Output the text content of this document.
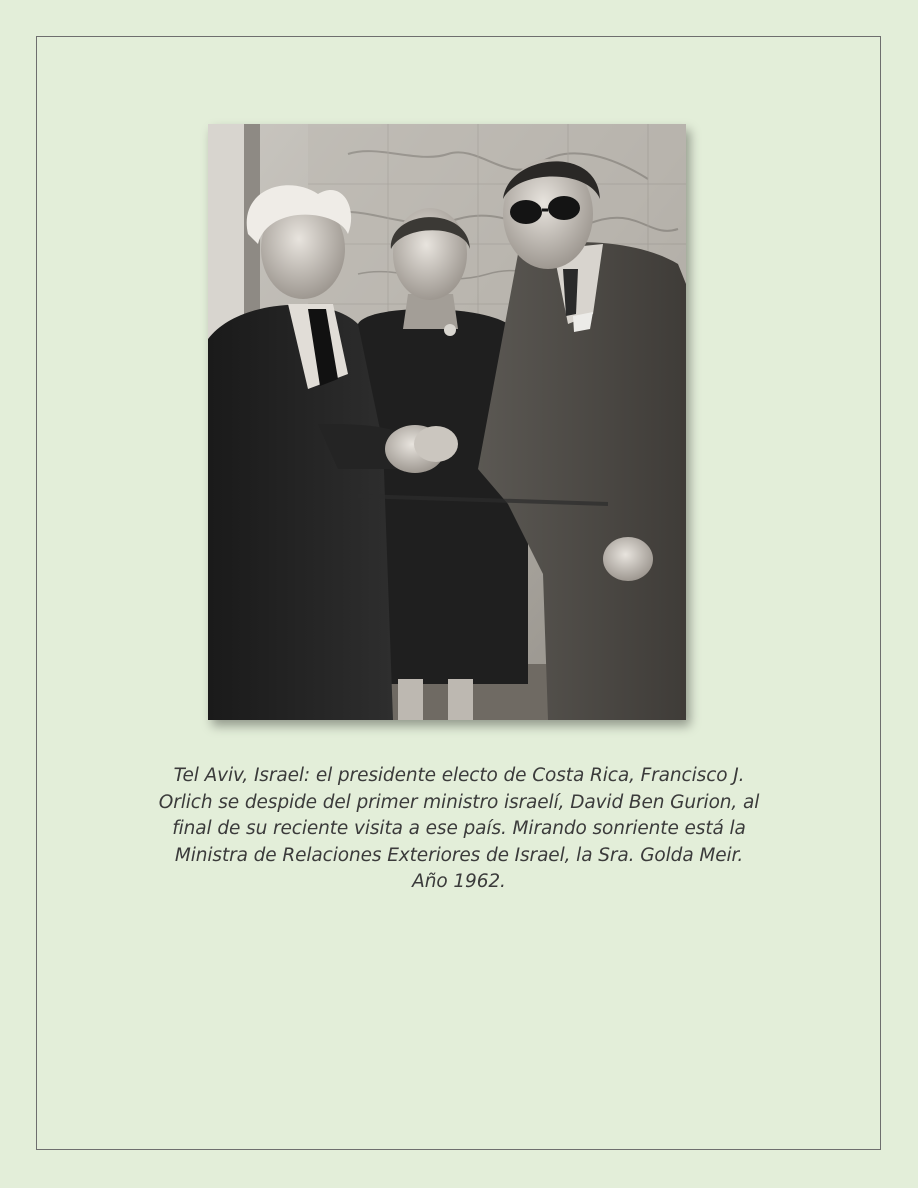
Tel Aviv, Israel: el presidente electo de Costa Rica, Francisco J.
Orlich se despide del primer ministro israelí, David Ben Gurion, al
final de su reciente visita a ese país. Mirando sonriente está la
Ministra de Relaciones Exteriores de Israel, la Sra. Golda Meir.
Año 1962.
